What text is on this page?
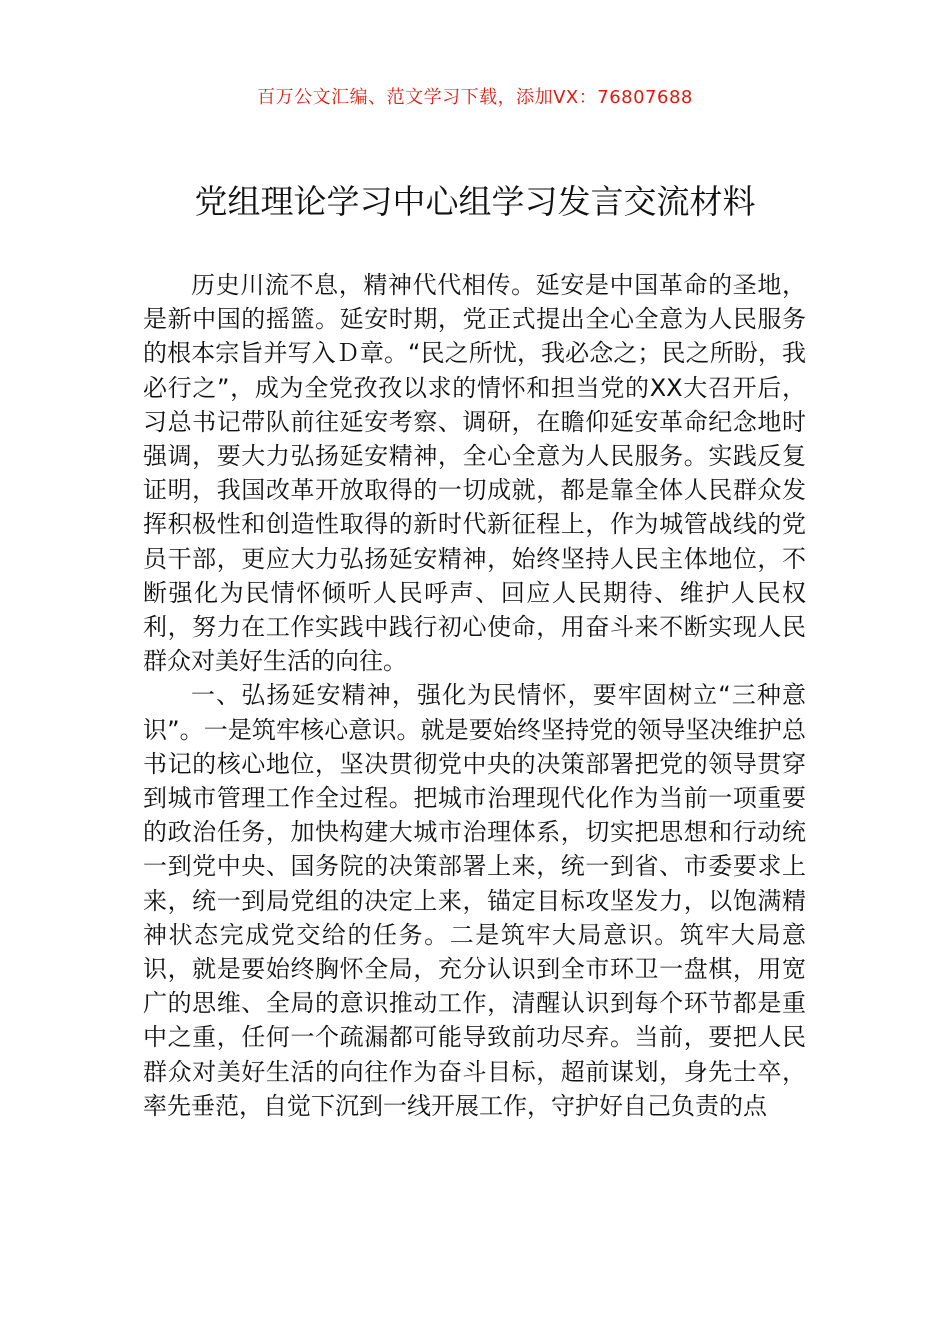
百万公文汇编、范文学习下载，添加VX：76807688
党组理论学习中心组学习发言交流材料

历史川流不息，精神代代相传。延安是中国革命的圣地，是新中国的摇篮。延安时期，党正式提出全心全意为人民服务的根本宗旨并写入Ｄ章。“民之所忧，我必念之；民之所盼，我必行之”，成为全党孜孜以求的情怀和担当党的XX大召开后，习总书记带队前往延安考察、调研，在瞻仰延安革命纪念地时强调，要大力弘扬延安精神，全心全意为人民服务。实践反复证明，我国改革开放取得的一切成就，都是靠全体人民群众发挥积极性和创造性取得的新时代新征程上，作为城管战线的党员干部，更应大力弘扬延安精神，始终坚持人民主体地位，不断强化为民情怀倾听人民呼声、回应人民期待、维护人民权利，努力在工作实践中践行初心使命，用奋斗来不断实现人民群众对美好生活的向往。

一、弘扬延安精神，强化为民情怀，要牢固树立“三种意识”。一是筑牢核心意识。就是要始终坚持党的领导坚决维护总书记的核心地位，坚决贯彻党中央的决策部署把党的领导贯穿到城市管理工作全过程。把城市治理现代化作为当前一项重要的政治任务，加快构建大城市治理体系，切实把思想和行动统一到党中央、国务院的决策部署上来，统一到省、市委要求上来，统一到局党组的决定上来，锚定目标攻坚发力，以饱满精神状态完成党交给的任务。二是筑牢大局意识。筑牢大局意识，就是要始终胸怀全局，充分认识到全市环卫一盘棋，用宽广的思维、全局的意识推动工作，清醒认识到每个环节都是重中之重，任何一个疏漏都可能导致前功尽弃。当前，要把人民群众对美好生活的向往作为奋斗目标，超前谋划，身先士卒，率先垂范，自觉下沉到一线开展工作，守护好自己负责的点
